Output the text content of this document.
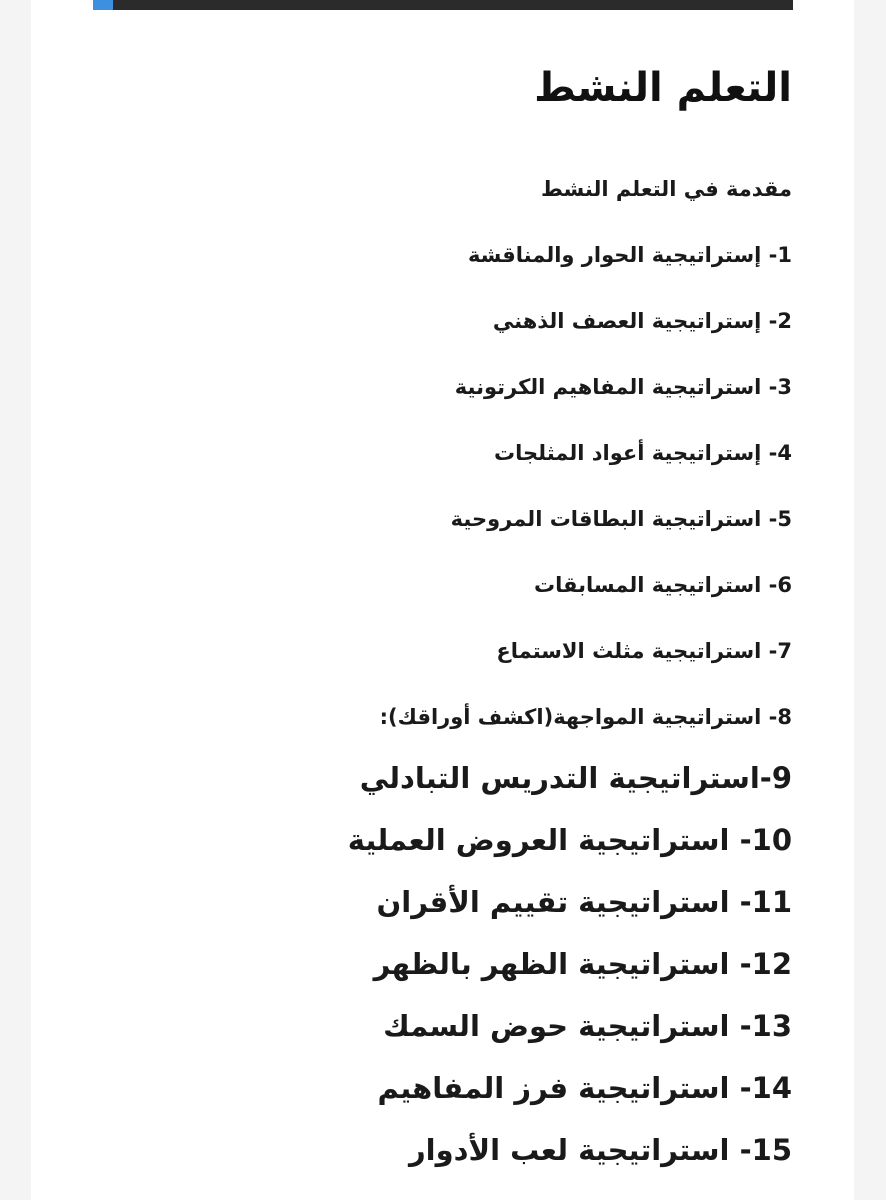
التعلم النشط
مقدمة في التعلم النشط
1- إستراتيجية الحوار والمناقشة
2- إستراتيجية العصف الذهني
3- استراتيجية المفاهيم الكرتونية
4- إستراتيجية أعواد المثلجات
5- استراتيجية البطاقات المروحية
6- استراتيجية المسابقات
7- استراتيجية مثلث الاستماع
8- استراتيجية المواجهة(اكشف أوراقك):
9-استراتيجية التدريس التبادلي
10- استراتيجية العروض العملية
11- استراتيجية تقييم الأقران
12- استراتيجية الظهر بالظهر
13- استراتيجية حوض السمك
14- استراتيجية فرز المفاهيم
15- استراتيجية لعب الأدوار
